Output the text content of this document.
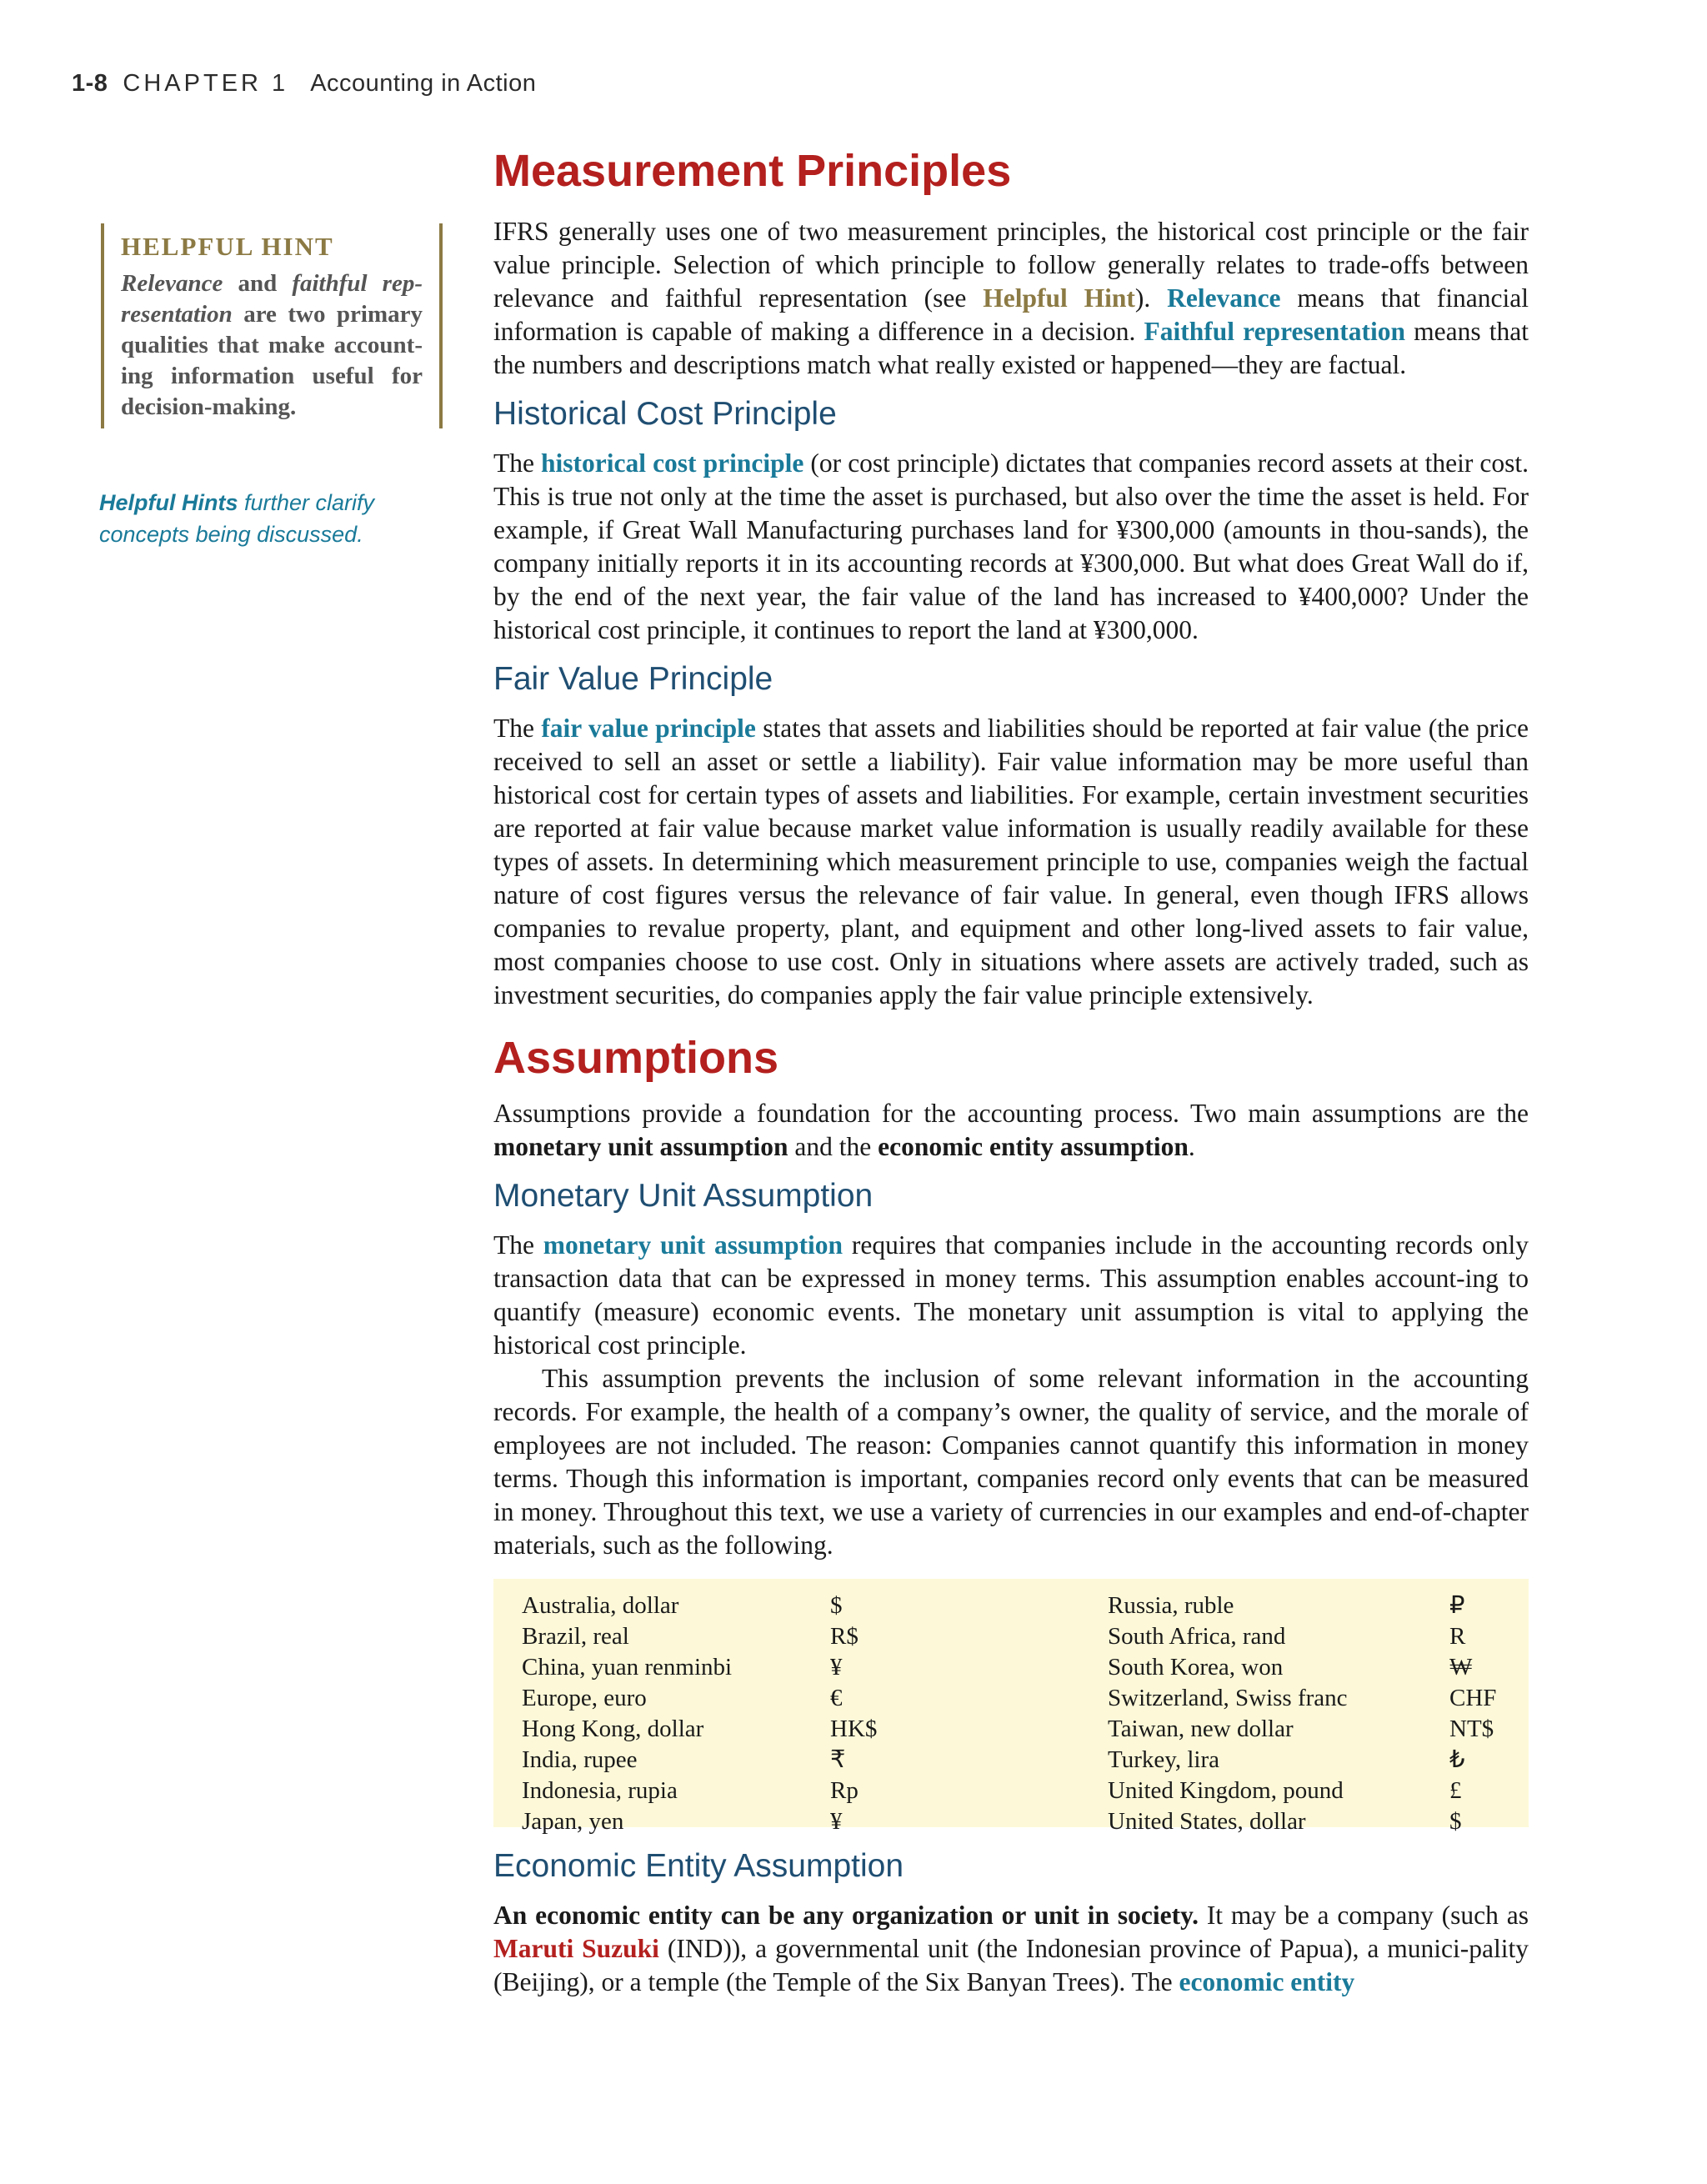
1-8 CHAPTER 1 Accounting in Action
HELPFUL HINT

Relevance and faithful rep-resentation are two primary qualities that make account-ing information useful for decision-making.

Helpful Hints further clarify concepts being discussed.
Measurement Principles

IFRS generally uses one of two measurement principles, the historical cost principle or the fair value principle. Selection of which principle to follow generally relates to trade-offs between relevance and faithful representation (see Helpful Hint). Relevance means that financial information is capable of making a difference in a decision. Faithful representation means that the numbers and descriptions match what really existed or happened—they are factual.

Historical Cost Principle

The historical cost principle (or cost principle) dictates that companies record assets at their cost. This is true not only at the time the asset is purchased, but also over the time the asset is held. For example, if Great Wall Manufacturing purchases land for ¥300,000 (amounts in thou-sands), the company initially reports it in its accounting records at ¥300,000. But what does Great Wall do if, by the end of the next year, the fair value of the land has increased to ¥400,000? Under the historical cost principle, it continues to report the land at ¥300,000.

Fair Value Principle

The fair value principle states that assets and liabilities should be reported at fair value (the price received to sell an asset or settle a liability). Fair value information may be more useful than historical cost for certain types of assets and liabilities. For example, certain investment securities are reported at fair value because market value information is usually readily available for these types of assets. In determining which measurement principle to use, companies weigh the factual nature of cost figures versus the relevance of fair value. In general, even though IFRS allows companies to revalue property, plant, and equipment and other long-lived assets to fair value, most companies choose to use cost. Only in situations where assets are actively traded, such as investment securities, do companies apply the fair value principle extensively.

Assumptions

Assumptions provide a foundation for the accounting process. Two main assumptions are the monetary unit assumption and the economic entity assumption.

Monetary Unit Assumption

The monetary unit assumption requires that companies include in the accounting records only transaction data that can be expressed in money terms. This assumption enables account-ing to quantify (measure) economic events. The monetary unit assumption is vital to applying the historical cost principle.

This assumption prevents the inclusion of some relevant information in the accounting records. For example, the health of a company’s owner, the quality of service, and the morale of employees are not included. The reason: Companies cannot quantify this information in money terms. Though this information is important, companies record only events that can be measured in money. Throughout this text, we use a variety of currencies in our examples and end-of-chapter materials, such as the following.

Australia, dollar
Brazil, real
China, yuan renminbi
Europe, euro
Hong Kong, dollar
India, rupee
Indonesia, rupia
Japan, yen
$
R$
¥
€
HK$
₹
Rp
¥
Russia, ruble
South Africa, rand
South Korea, won
Switzerland, Swiss franc
Taiwan, new dollar
Turkey, lira
United Kingdom, pound
United States, dollar
₽
R
₩
CHF
NT$
₺
£
$
Economic Entity Assumption

An economic entity can be any organization or unit in society. It may be a company (such as Maruti Suzuki (IND)), a governmental unit (the Indonesian province of Papua), a munici-pality (Beijing), or a temple (the Temple of the Six Banyan Trees). The economic entity
